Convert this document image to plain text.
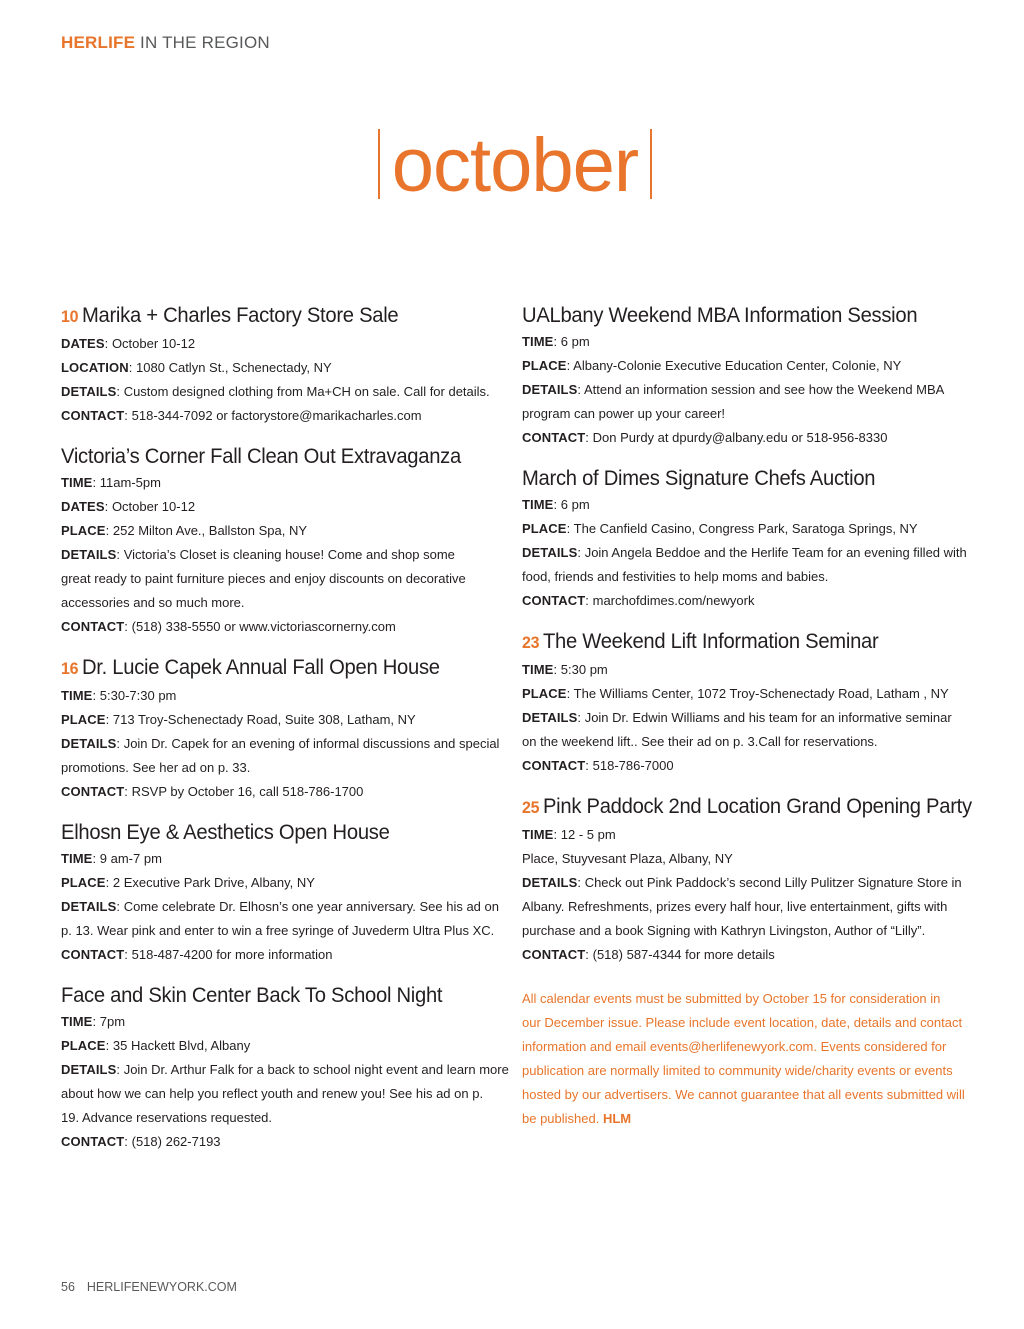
HERLIFE IN THE REGION
october
10 Marika + Charles Factory Store Sale
DATES: October 10-12
LOCATION: 1080 Catlyn St., Schenectady, NY
DETAILS: Custom designed clothing from Ma+CH on sale. Call for details.
CONTACT: 518-344-7092 or factorystore@marikacharles.com
Victoria’s Corner Fall Clean Out Extravaganza
TIME: 11am-5pm
DATES: October 10-12
PLACE: 252 Milton Ave., Ballston Spa, NY
DETAILS: Victoria’s Closet is cleaning house! Come and shop some
great ready to paint furniture pieces and enjoy discounts on decorative
accessories and so much more.
CONTACT: (518) 338-5550 or www.victoriascornerny.com
16 Dr. Lucie Capek Annual Fall Open House
TIME: 5:30-7:30 pm
PLACE: 713 Troy-Schenectady Road, Suite 308, Latham, NY
DETAILS: Join Dr. Capek for an evening of informal discussions and special
promotions. See her ad on p. 33.
CONTACT: RSVP by October 16, call 518-786-1700
Elhosn Eye & Aesthetics Open House
TIME: 9 am-7 pm
PLACE: 2 Executive Park Drive, Albany, NY
DETAILS: Come celebrate Dr. Elhosn’s one year anniversary. See his ad on
p. 13. Wear pink and enter to win a free syringe of Juvederm Ultra Plus XC.
CONTACT: 518-487-4200 for more information
Face and Skin Center Back To School Night
TIME: 7pm
PLACE: 35 Hackett Blvd, Albany
DETAILS: Join Dr. Arthur Falk for a back to school night event and learn more
about how we can help you reflect youth and renew you! See his ad on p.
19. Advance reservations requested.
CONTACT: (518) 262-7193
UALbany Weekend MBA Information Session
TIME: 6 pm
PLACE: Albany-Colonie Executive Education Center, Colonie, NY
DETAILS: Attend an information session and see how the Weekend MBA
program can power up your career!
CONTACT: Don Purdy at dpurdy@albany.edu or 518-956-8330
March of Dimes Signature Chefs Auction
TIME: 6 pm
PLACE: The Canfield Casino, Congress Park, Saratoga Springs, NY
DETAILS: Join Angela Beddoe and the Herlife Team for an evening filled with
food, friends and festivities to help moms and babies.
CONTACT: marchofdimes.com/newyork
23 The Weekend Lift Information Seminar
TIME: 5:30 pm
PLACE: The Williams Center, 1072 Troy-Schenectady Road, Latham , NY
DETAILS: Join Dr. Edwin Williams and his team for an informative seminar
on the weekend lift.. See their ad on p. 3.Call for reservations.
CONTACT: 518-786-7000
25 Pink Paddock 2nd Location Grand Opening Party
TIME: 12 - 5 pm
Place, Stuyvesant Plaza, Albany, NY
DETAILS: Check out Pink Paddock’s second Lilly Pulitzer Signature Store in
Albany. Refreshments, prizes every half hour, live entertainment, gifts with
purchase and a book Signing with Kathryn Livingston, Author of “Lilly”.
CONTACT: (518) 587-4344 for more details
All calendar events must be submitted by October 15 for consideration in
our December issue. Please include event location, date, details and contact
information and email events@herlifenewyork.com. Events considered for
publication are normally limited to community wide/charity events or events
hosted by our advertisers. We cannot guarantee that all events submitted will
be published. HLM
56 HERLIFENEWYORK.COM
